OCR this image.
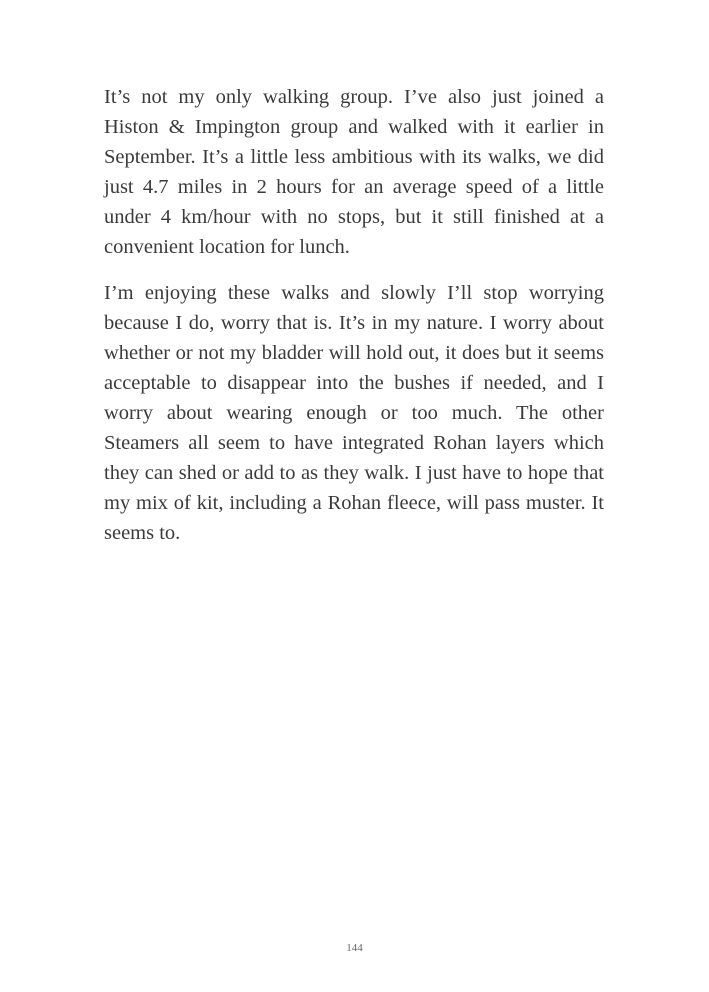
It’s not my only walking group. I’ve also just joined a Histon & Impington group and walked with it earlier in September. It’s a little less ambitious with its walks, we did just 4.7 miles in 2 hours for an average speed of a little under 4 km/hour with no stops, but it still finished at a convenient location for lunch.

I’m enjoying these walks and slowly I’ll stop worrying because I do, worry that is. It’s in my nature. I worry about whether or not my bladder will hold out, it does but it seems acceptable to disappear into the bushes if needed, and I worry about wearing enough or too much. The other Steamers all seem to have integrated Rohan layers which they can shed or add to as they walk. I just have to hope that my mix of kit, including a Rohan fleece, will pass muster. It seems to.

144
